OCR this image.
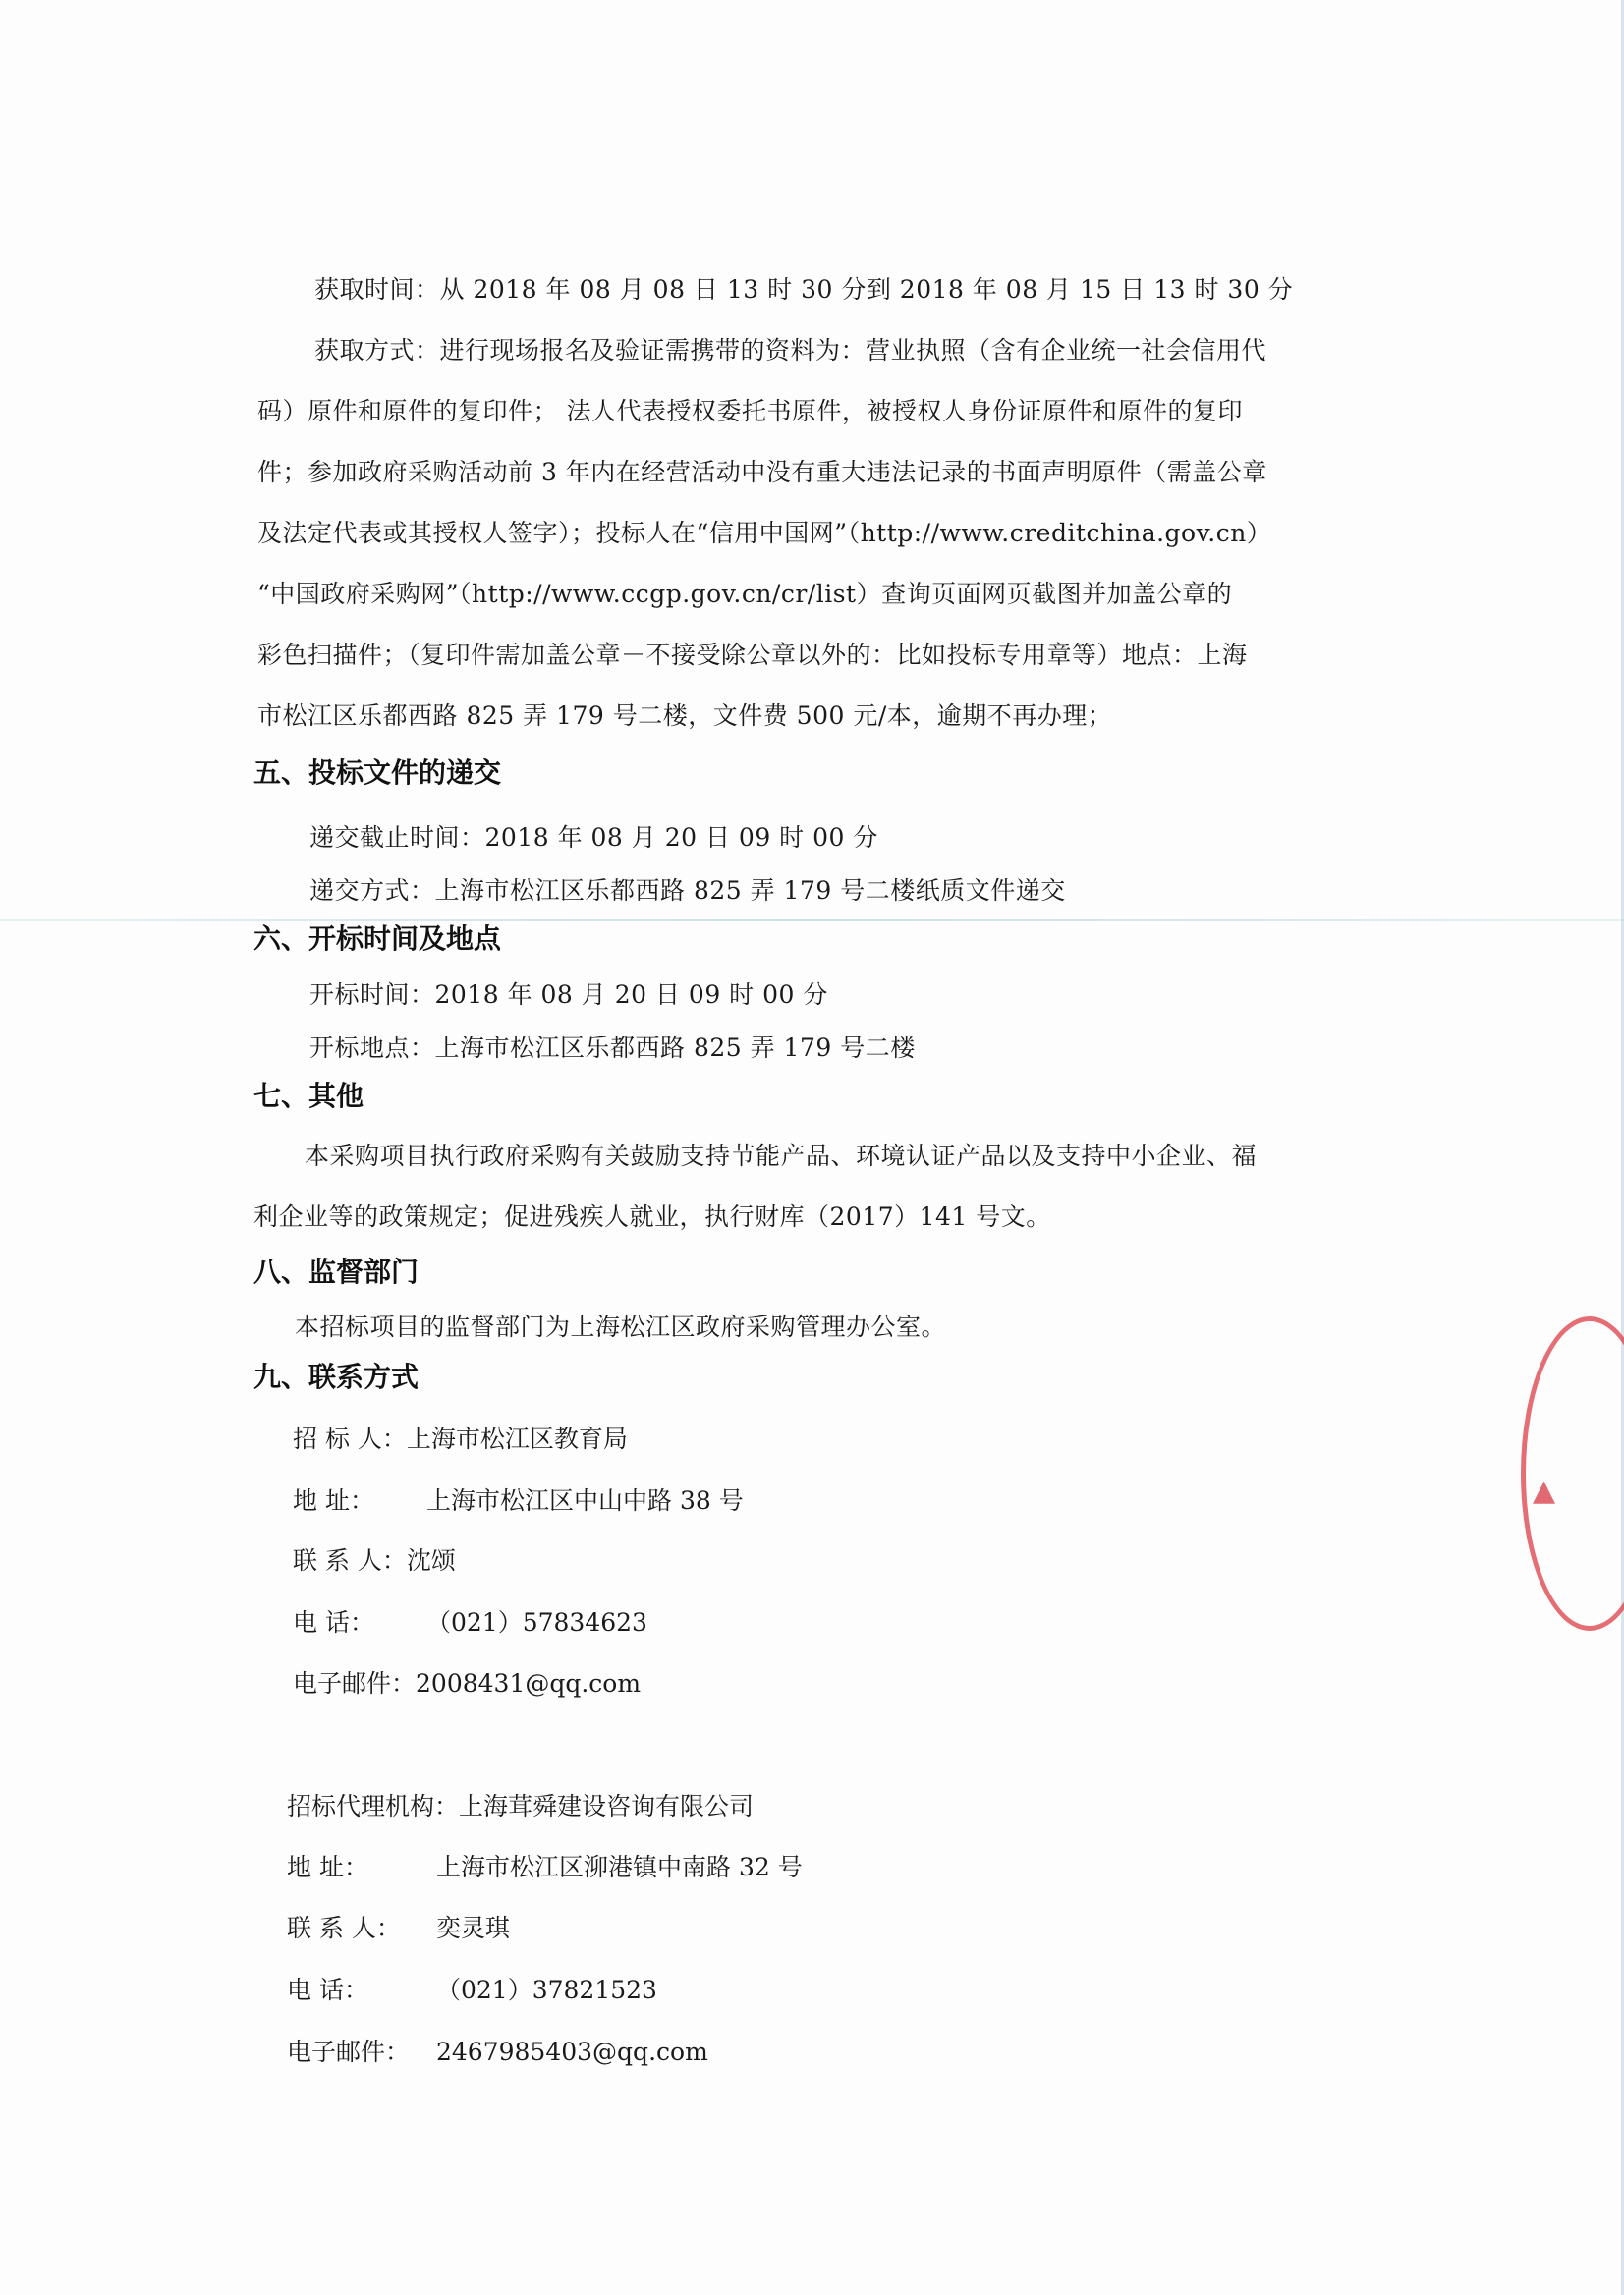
获取时间：从 2018 年 08 月 08 日 13 时 30 分到 2018 年 08 月 15 日 13 时 30 分
获取方式：进行现场报名及验证需携带的资料为：营业执照（含有企业统一社会信用代
码）原件和原件的复印件； 法人代表授权委托书原件，被授权人身份证原件和原件的复印
件；参加政府采购活动前 3 年内在经营活动中没有重大违法记录的书面声明原件（需盖公章
及法定代表或其授权人签字）；投标人在“信用中国网”（http://www.creditchina.gov.cn）
“中国政府采购网”（http://www.ccgp.gov.cn/cr/list）查询页面网页截图并加盖公章的
彩色扫描件；（复印件需加盖公章－不接受除公章以外的：比如投标专用章等）地点：上海
市松江区乐都西路 825 弄 179 号二楼，文件费 500 元/本，逾期不再办理；
五、投标文件的递交
递交截止时间：2018 年 08 月 20 日 09 时 00 分
递交方式：上海市松江区乐都西路 825 弄 179 号二楼纸质文件递交
六、开标时间及地点
开标时间：2018 年 08 月 20 日 09 时 00 分
开标地点：上海市松江区乐都西路 825 弄 179 号二楼
七、其他
本采购项目执行政府采购有关鼓励支持节能产品、环境认证产品以及支持中小企业、福
利企业等的政策规定；促进残疾人就业，执行财库（2017）141 号文。
八、监督部门
本招标项目的监督部门为上海松江区政府采购管理办公室。
九、联系方式
招 标 人：上海市松江区教育局
地 址： 上海市松江区中山中路 38 号
联 系 人：沈颂
电 话： （021）57834623
电子邮件：2008431@qq.com
招标代理机构：上海茸舜建设咨询有限公司
地 址：	上海市松江区泖港镇中南路 32 号
联 系 人： 奕灵琪
电 话：	（021）37821523
电子邮件： 2467985403@qq.com
▲
